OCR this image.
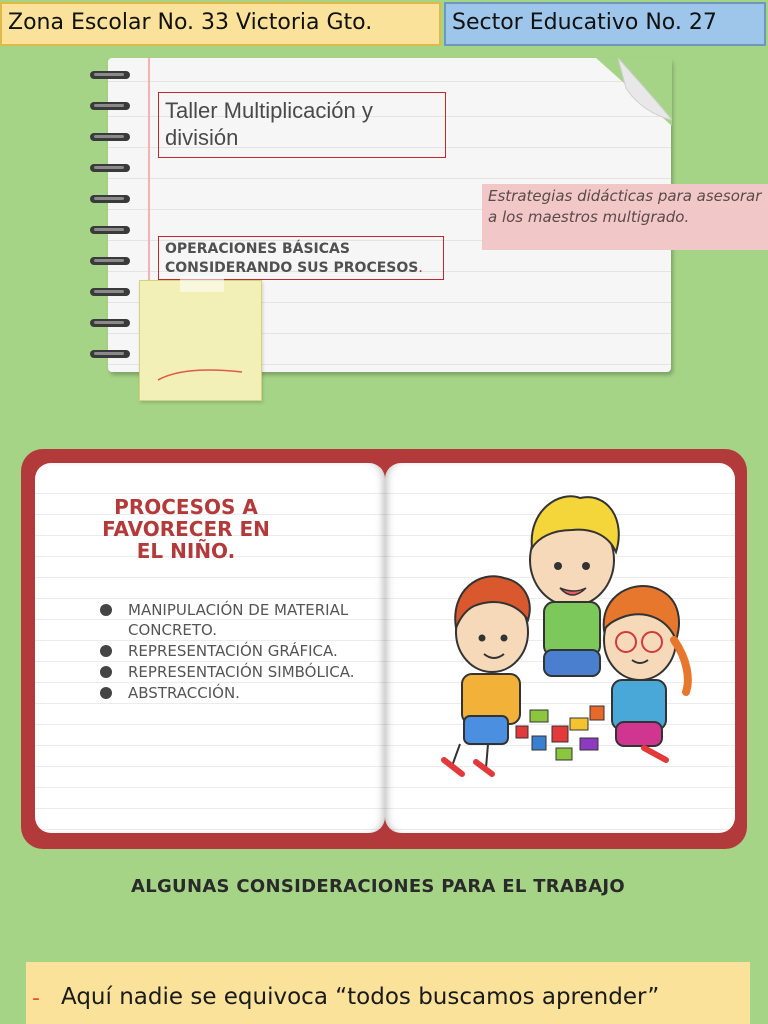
Zona Escolar No. 33 Victoria Gto.	Sector Educativo No. 27
Taller Multiplicación y división
OPERACIONES BÁSICAS CONSIDERANDO SUS PROCESOS.
Estrategias didácticas para asesorar a los maestros multigrado.
PROCESOS A FAVORECER EN EL NIÑO.
MANIPULACIÓN DE MATERIAL CONCRETO.
REPRESENTACIÓN GRÁFICA.
REPRESENTACIÓN SIMBÓLICA.
ABSTRACCIÓN.
ALGUNAS CONSIDERACIONES PARA EL TRABAJO
- Aquí nadie se equivoca “todos buscamos aprender”
